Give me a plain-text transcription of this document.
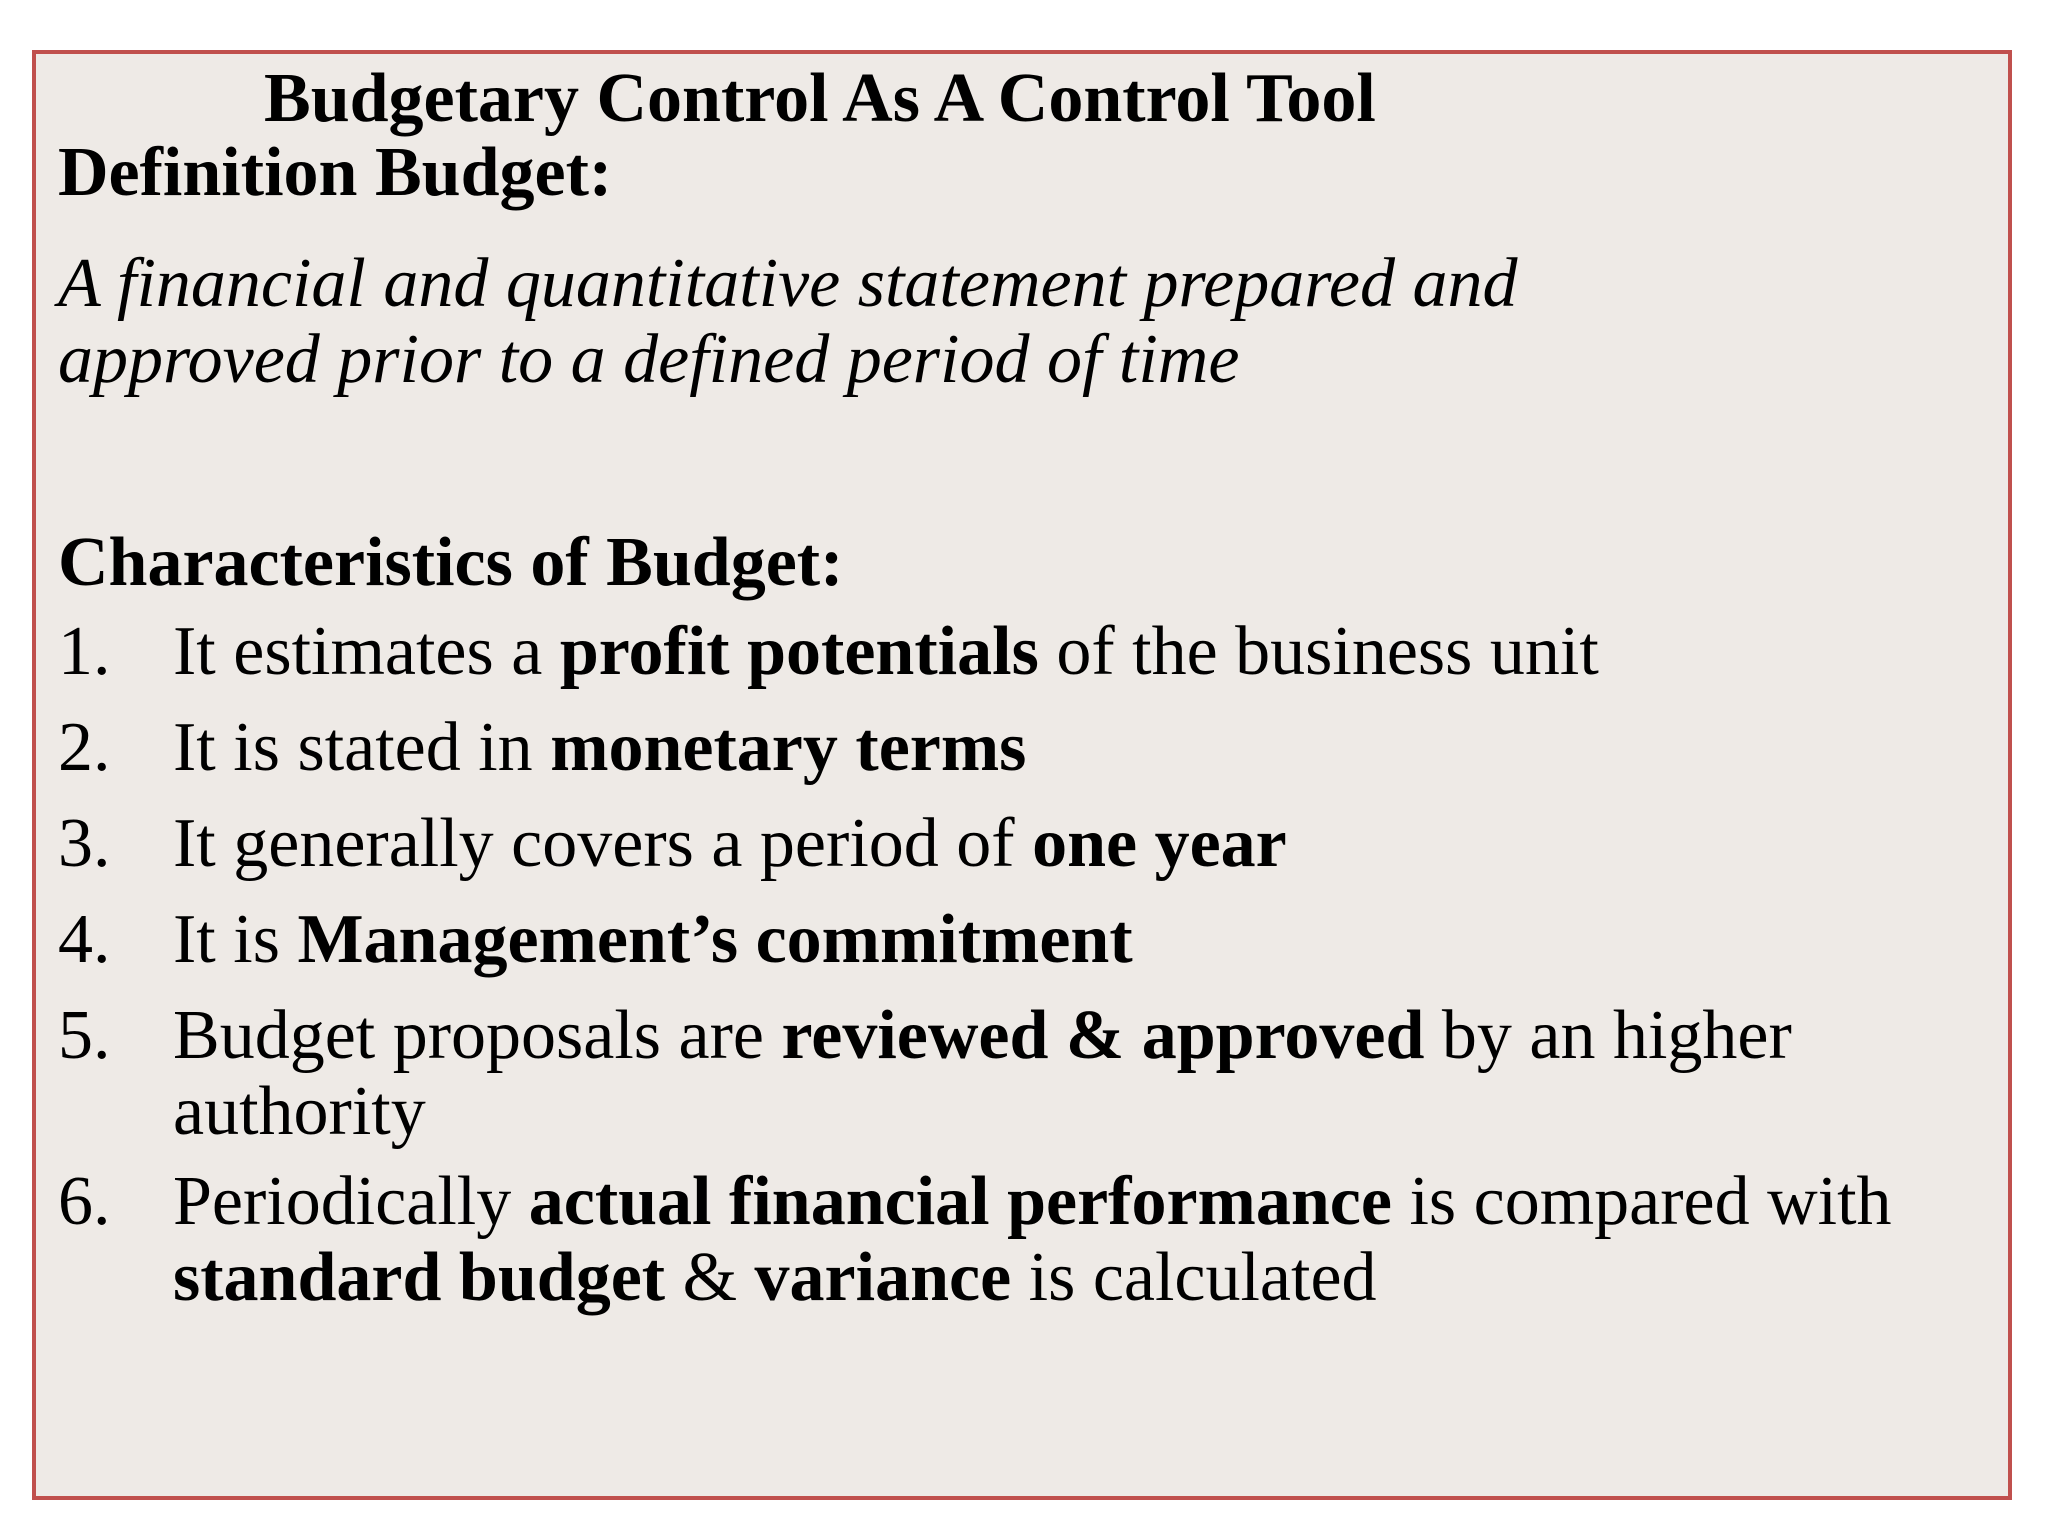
Budgetary Control As A Control Tool
Definition Budget:

A financial and quantitative statement prepared and
approved prior to a defined period of time

Characteristics of Budget:
1. It estimates a profit potentials of the business unit
2. It is stated in monetary terms
3. It generally covers a period of one year
4. It is Management’s commitment
5. Budget proposals are reviewed & approved by an higher authority
6. Periodically actual financial performance is compared with  standard budget & variance is calculated
